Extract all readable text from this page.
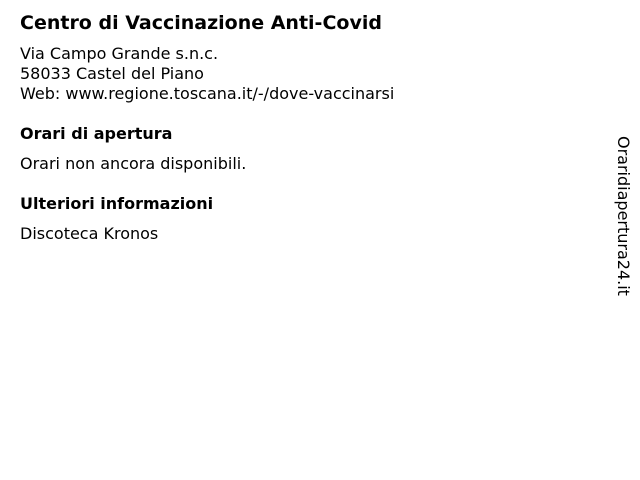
Centro di Vaccinazione Anti-Covid
Via Campo Grande s.n.c.
58033 Castel del Piano
Web: www.regione.toscana.it/-/dove-vaccinarsi
Orari di apertura
Orari non ancora disponibili.
Ulteriori informazioni
Discoteca Kronos	Oraridiapertura24.it
